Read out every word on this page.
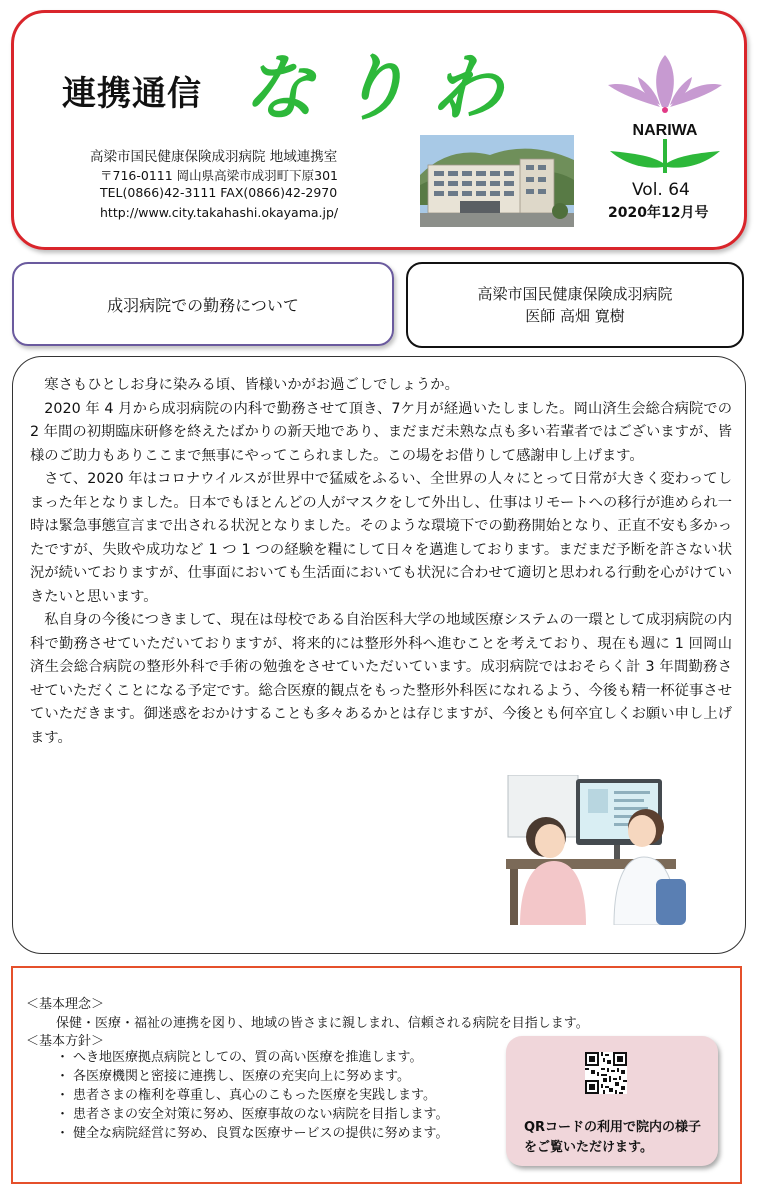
連携通信 なりわ
高梁市国民健康保険成羽病院 地域連携室
〒716-0111 岡山県高梁市成羽町下原301
TEL(0866)42-3111 FAX(0866)42-2970
http://www.city.takahashi.okayama.jp/
NARIWA
Vol. 64
2020年12月号
成羽病院での勤務について
高梁市国民健康保険成羽病院
医師 高畑 寛樹

寒さもひとしお身に染みる頃、皆様いかがお過ごしでしょうか。

2020 年 4 月から成羽病院の内科で勤務させて頂き、7ケ月が経過いたしました。岡山済生会総合病院での 2 年間の初期臨床研修を終えたばかりの新天地であり、まだまだ未熟な点も多い若輩者ではございますが、皆様のご助力もありここまで無事にやってこられました。この場をお借りして感謝申し上げます。

さて、2020 年はコロナウイルスが世界中で猛威をふるい、全世界の人々にとって日常が大きく変わってしまった年となりました。日本でもほとんどの人がマスクをして外出し、仕事はリモートへの移行が進められ一時は緊急事態宣言まで出される状況となりました。そのような環境下での勤務開始となり、正直不安も多かったですが、失敗や成功など 1 つ 1 つの経験を糧にして日々を邁進しております。まだまだ予断を許さない状況が続いておりますが、仕事面においても生活面においても状況に合わせて適切と思われる行動を心がけていきたいと思います。

私自身の今後につきまして、現在は母校である自治医科大学の地域医療システムの一環として成羽病院の内科で勤務させていただいておりますが、将来的には整形外科へ進むことを考えており、現在も週に 1 回岡山済生会総合病院の整形外科で手術の勉強をさせていただいています。成羽病院ではおそらく計 3 年間勤務させていただくことになる予定です。総合医療的観点をもった整形外科医になれるよう、今後も精一杯従事させていただきます。御迷惑をおかけすることも多々あるかとは存じますが、今後とも何卒宜しくお願い申し上げます。

＜基本理念＞
保健・医療・福祉の連携を図り、地域の皆さまに親しまれ、信頼される病院を目指します。
＜基本方針＞
・ へき地医療拠点病院としての、質の高い医療を推進します。
・ 各医療機関と密接に連携し、医療の充実向上に努めます。
・ 患者さまの権利を尊重し、真心のこもった医療を実践します。
・ 患者さまの安全対策に努め、医療事故のない病院を目指します。
・ 健全な病院経営に努め、良質な医療サービスの提供に努めます。	QRコードの利用で院内の様子をご覧いただけます。
